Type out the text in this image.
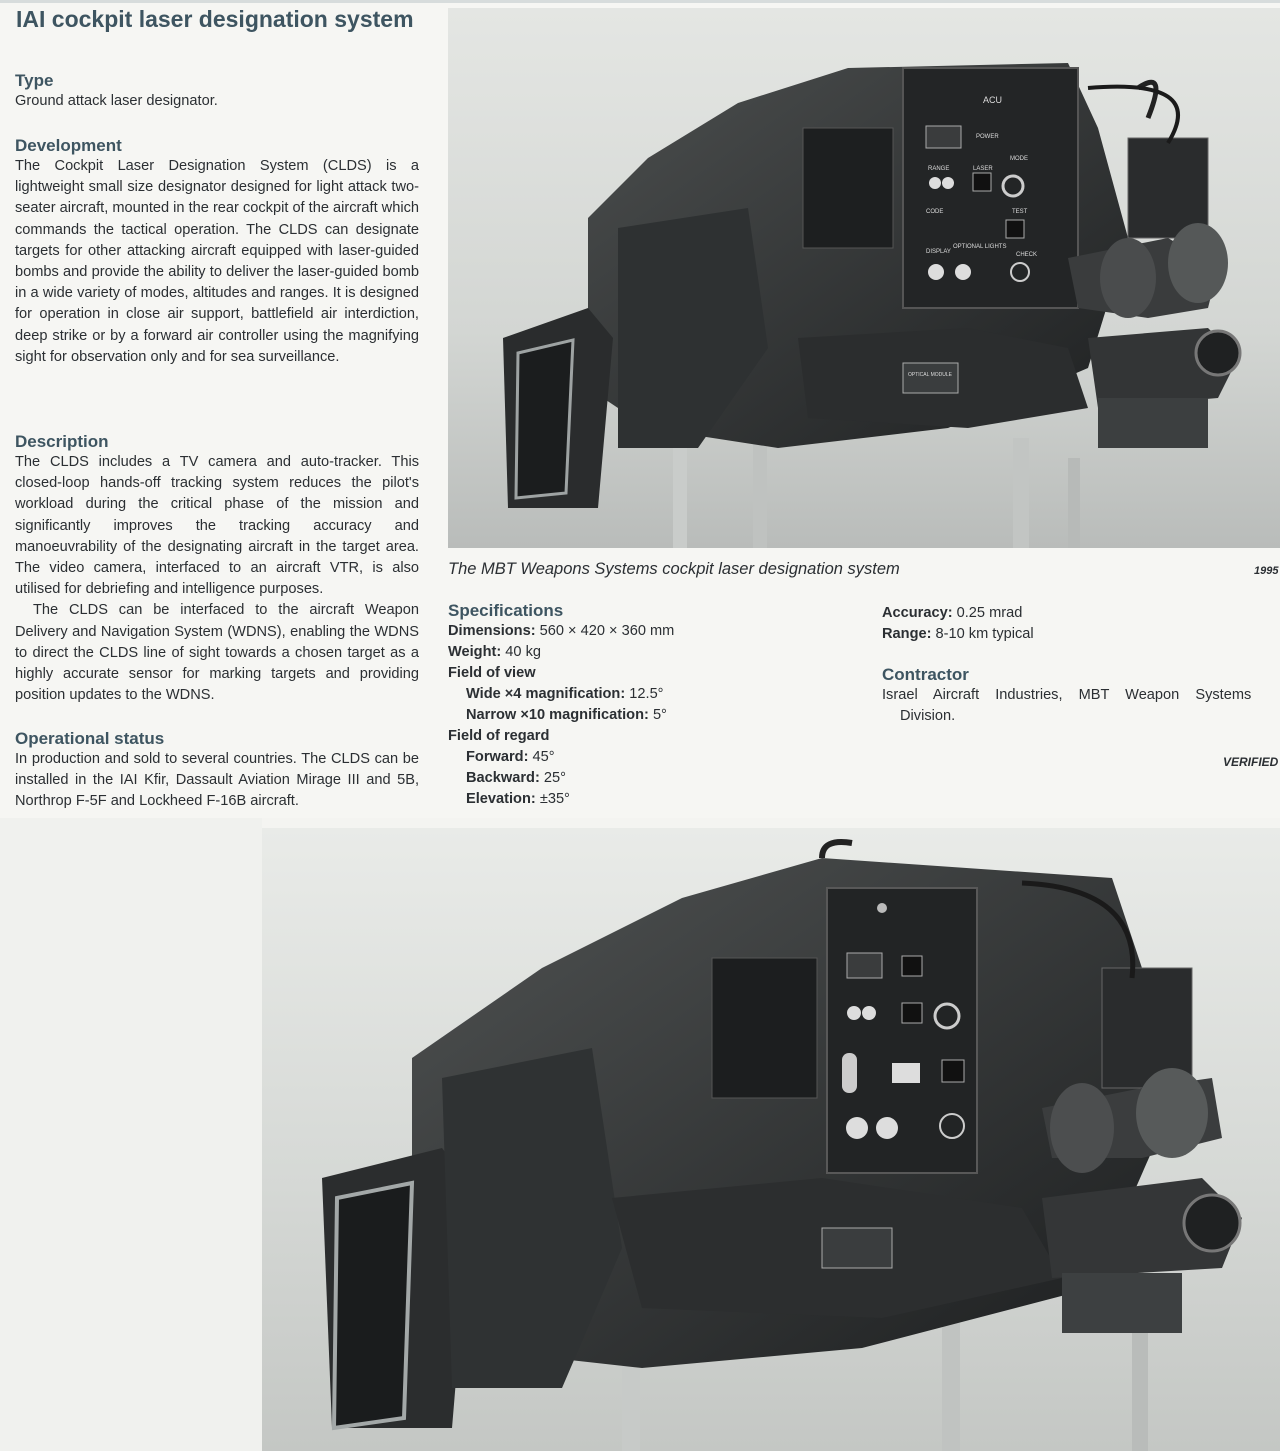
IAI cockpit laser designation system
Type

Ground attack laser designator.

Development

The Cockpit Laser Designation System (CLDS) is a lightweight small size designator designed for light attack two-seater aircraft, mounted in the rear cockpit of the aircraft which commands the tactical operation. The CLDS can designate targets for other attacking aircraft equipped with laser-guided bombs and provide the ability to deliver the laser-guided bomb in a wide variety of modes, altitudes and ranges. It is designed for operation in close air support, battlefield air interdiction, deep strike or by a forward air controller using the magnifying sight for observation only and for sea surveillance.

Description

The CLDS includes a TV camera and auto-tracker. This closed-loop hands-off tracking system reduces the pilot's workload during the critical phase of the mission and significantly improves the tracking accuracy and manoeuvrability of the designating aircraft in the target area. The video camera, interfaced to an aircraft VTR, is also utilised for debriefing and intelligence purposes.

The CLDS can be interfaced to the aircraft Weapon Delivery and Navigation System (WDNS), enabling the WDNS to direct the CLDS line of sight towards a chosen target as a highly accurate sensor for marking targets and providing position updates to the WDNS.

Operational status

In production and sold to several countries. The CLDS can be installed in the IAI Kfir, Dassault Aviation Mirage III and 5B, Northrop F-5F and Lockheed F-16B aircraft.

ACU
POWER
RANGE	LASER
MODE
CODE	TEST
DISPLAY
OPTIONAL LIGHTS
CHECK
OPTICAL MODULE
The MBT Weapons Systems cockpit laser designation system	1995
Specifications
Dimensions: 560 × 420 × 360 mm
Weight: 40 kg
Field of view
Wide ×4 magnification: 12.5°
Narrow ×10 magnification: 5°
Field of regard
Forward: 45°
Backward: 25°
Elevation: ±35°
Accuracy: 0.25 mrad
Range: 8-10 km typical
Contractor
Israel Aircraft Industries, MBT Weapon Systems
Division.
VERIFIED
